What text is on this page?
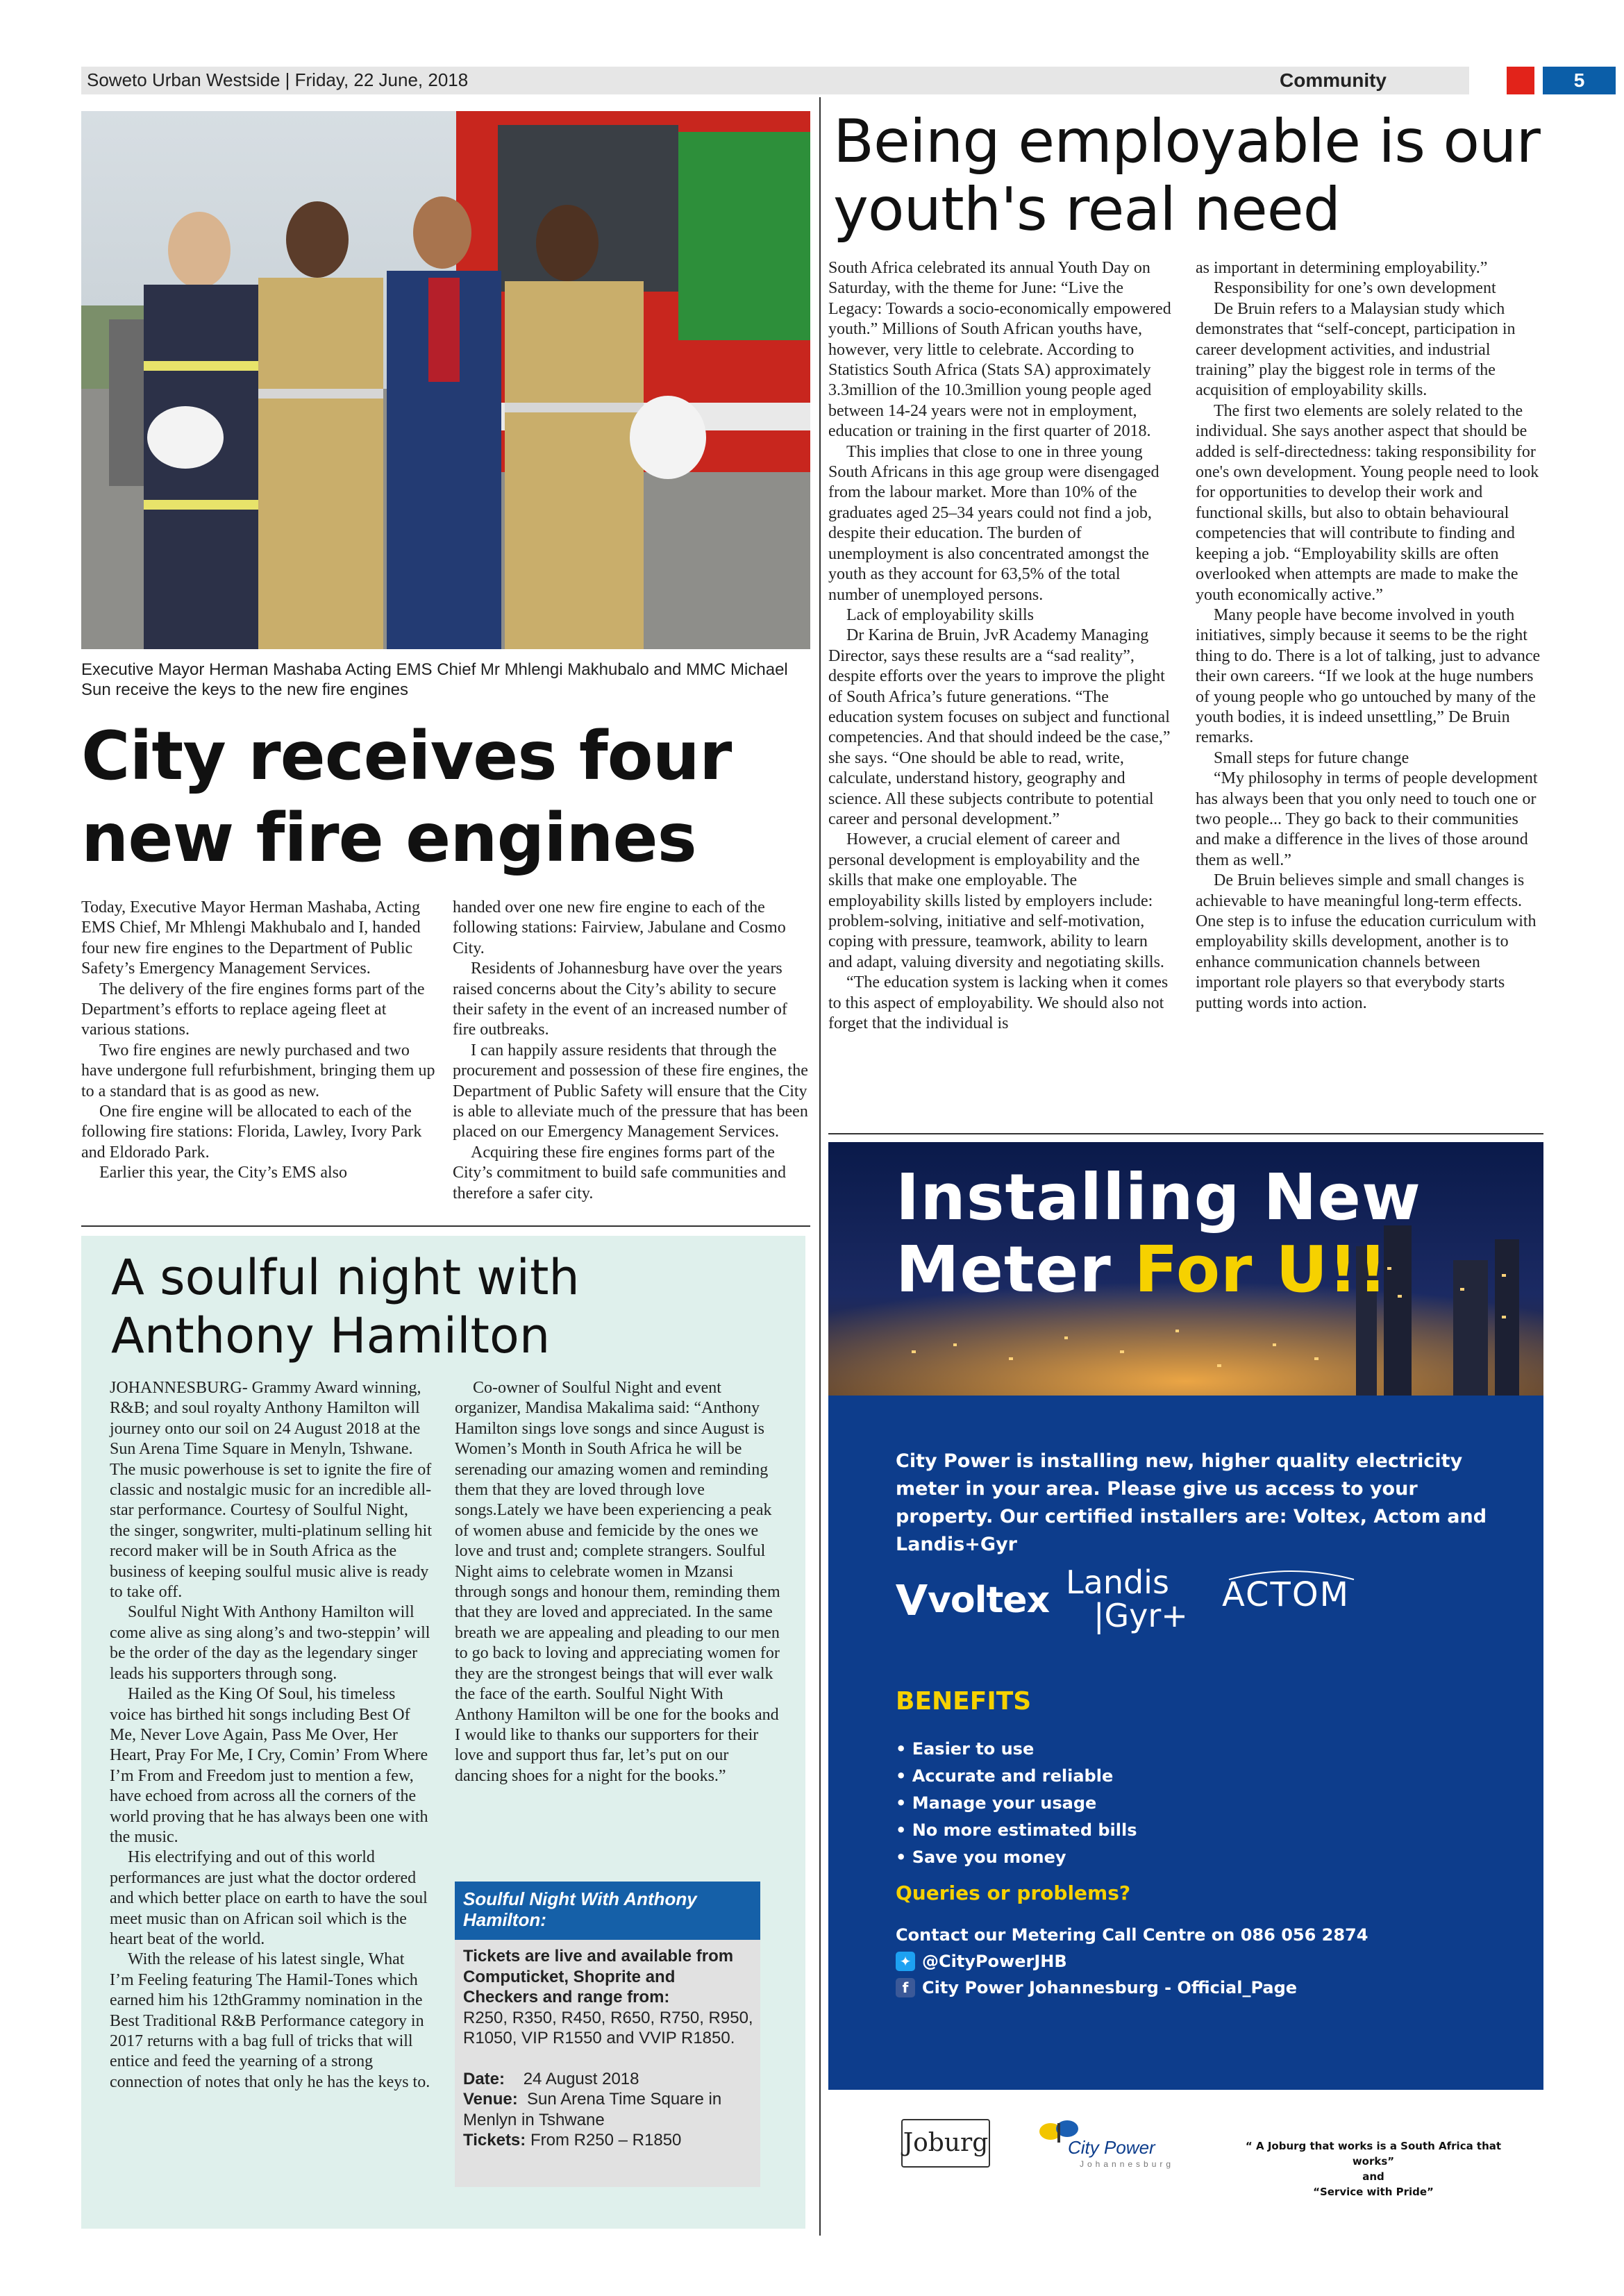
Soweto Urban Westside | Friday, 22 June, 2018	Community	5
Executive Mayor Herman Mashaba Acting EMS Chief Mr Mhlengi Makhubalo and MMC Michael Sun receive the keys to the new fire engines
City receives four new fire engines

Today, Executive Mayor Herman Mashaba, Acting EMS Chief, Mr Mhlengi Makhubalo and I, handed four new fire engines to the Department of Public Safety’s Emergency Management Services.

The delivery of the fire engines forms part of the Department’s efforts to replace ageing fleet at various stations.

Two fire engines are newly purchased and two have undergone full refurbishment, bringing them up to a standard that is as good as new.

One fire engine will be allocated to each of the following fire stations: Florida, Lawley, Ivory Park and Eldorado Park.

Earlier this year, the City’s EMS also

handed over one new fire engine to each of the following stations: Fairview, Jabulane and Cosmo City.

Residents of Johannesburg have over the years raised concerns about the City’s ability to secure their safety in the event of an increased number of fire outbreaks.

I can happily assure residents that through the procurement and possession of these fire engines, the Department of Public Safety will ensure that the City is able to alleviate much of the pressure that has been placed on our Emergency Management Services.

Acquiring these fire engines forms part of the City’s commitment to build safe communities and therefore a safer city.

Being employable is our youth's real need

South Africa celebrated its annual Youth Day on Saturday, with the theme for June: “Live the Legacy: Towards a socio-economically empowered youth.” Millions of South African youths have, however, very little to celebrate. According to Statistics South Africa (Stats SA) approximately 3.3million of the 10.3million young people aged between 14-24 years were not in employment, education or training in the first quarter of 2018.

This implies that close to one in three young South Africans in this age group were disengaged from the labour market. More than 10% of the graduates aged 25–34 years could not find a job, despite their education. The burden of unemployment is also concentrated amongst the youth as they account for 63,5% of the total number of unemployed persons.

Lack of employability skills

Dr Karina de Bruin, JvR Academy Managing Director, says these results are a “sad reality”, despite efforts over the years to improve the plight of South Africa’s future generations. “The education system focuses on subject and functional competencies. And that should indeed be the case,” she says. “One should be able to read, write, calculate, understand history, geography and science. All these subjects contribute to potential career and personal development.”

However, a crucial element of career and personal development is employability and the skills that make one employable. The employability skills listed by employers include: problem-solving, initiative and self-motivation, coping with pressure, teamwork, ability to learn and adapt, valuing diversity and negotiating skills.

“The education system is lacking when it comes to this aspect of employability. We should also not forget that the individual is

as important in determining employability.”

Responsibility for one’s own development

De Bruin refers to a Malaysian study which demonstrates that “self-concept, participation in career development activities, and industrial training” play the biggest role in terms of the acquisition of employability skills.

The first two elements are solely related to the individual. She says another aspect that should be added is self-directedness: taking responsibility for one's own development. Young people need to look for opportunities to develop their work and functional skills, but also to obtain behavioural competencies that will contribute to finding and keeping a job. “Employability skills are often overlooked when attempts are made to make the youth economically active.”

Many people have become involved in youth initiatives, simply because it seems to be the right thing to do. There is a lot of talking, just to advance their own careers. “If we look at the huge numbers of young people who go untouched by many of the youth bodies, it is indeed unsettling,” De Bruin remarks.

Small steps for future change

“My philosophy in terms of people development has always been that you only need to touch one or two people... They go back to their communities and make a difference in the lives of those around them as well.”

De Bruin believes simple and small changes is achievable to have meaningful long-term effects. One step is to infuse the education curriculum with employability skills development, another is to enhance communication channels between important role players so that everybody starts putting words into action.

A soulful night with Anthony Hamilton

JOHANNESBURG- Grammy Award winning, R&B; and soul royalty Anthony Hamilton will journey onto our soil on 24 August 2018 at the Sun Arena Time Square in Menyln, Tshwane. The music powerhouse is set to ignite the fire of classic and nostalgic music for an incredible all-star performance. Courtesy of Soulful Night, the singer, songwriter, multi-platinum selling hit record maker will be in South Africa as the business of keeping soulful music alive is ready to take off.

Soulful Night With Anthony Hamilton will come alive as sing along’s and two-steppin’ will be the order of the day as the legendary singer leads his supporters through song.

Hailed as the King Of Soul, his timeless voice has birthed hit songs including Best Of Me, Never Love Again, Pass Me Over, Her Heart, Pray For Me, I Cry, Comin’ From Where I’m From and Freedom just to mention a few, have echoed from across all the corners of the world proving that he has always been one with the music.

His electrifying and out of this world performances are just what the doctor ordered and which better place on earth to have the soul meet music than on African soil which is the heart beat of the world.

With the release of his latest single, What I’m Feeling featuring The Hamil-Tones which earned him his 12thGrammy nomination in the Best Traditional R&B Performance category in 2017 returns with a bag full of tricks that will entice and feed the yearning of a strong connection of notes that only he has the keys to.

Co-owner of Soulful Night and event organizer, Mandisa Makalima said: “Anthony Hamilton sings love songs and since August is Women’s Month in South Africa he will be serenading our amazing women and reminding them that they are loved through love songs.Lately we have been experiencing a peak of women abuse and femicide by the ones we love and trust and; complete strangers. Soulful Night aims to celebrate women in Mzansi through songs and honour them, reminding them that they are loved and appreciated. In the same breath we are appealing and pleading to our men to go back to loving and appreciating women for they are the strongest beings that will ever walk the face of the earth. Soulful Night With Anthony Hamilton will be one for the books and I would like to thanks our supporters for their love and support thus far, let’s put on our dancing shoes for a night for the books.”

Soulful Night With Anthony Hamilton:
Tickets are live and available from Computicket, Shoprite and Checkers and range from:
R250, R350, R450, R650, R750, R950, R1050, VIP R1550 and VVIP R1850.
Date: 24 August 2018
Venue: Sun Arena Time Square in Menlyn in Tshwane
Tickets: From R250 – R1850
Installing New
Meter For U!!
City Power is installing new, higher quality electricity meter in your area. Please give us access to your property. Our certified installers are: Voltex, Actom and Landis+Gyr
voltex Landis
|Gyr+
ACTOM
BENEFITS
• Easier to use
• Accurate and reliable
• Manage your usage
• No more estimated bills
• Save you money
Queries or problems?
Contact our Metering Call Centre on 086 056 2874
✦ @CityPowerJHB
f City Power Johannesburg - Official_Page
Joburg	City Power
Johannesburg
“ A Joburg that works is a South Africa that works”
and
“Service with Pride”
